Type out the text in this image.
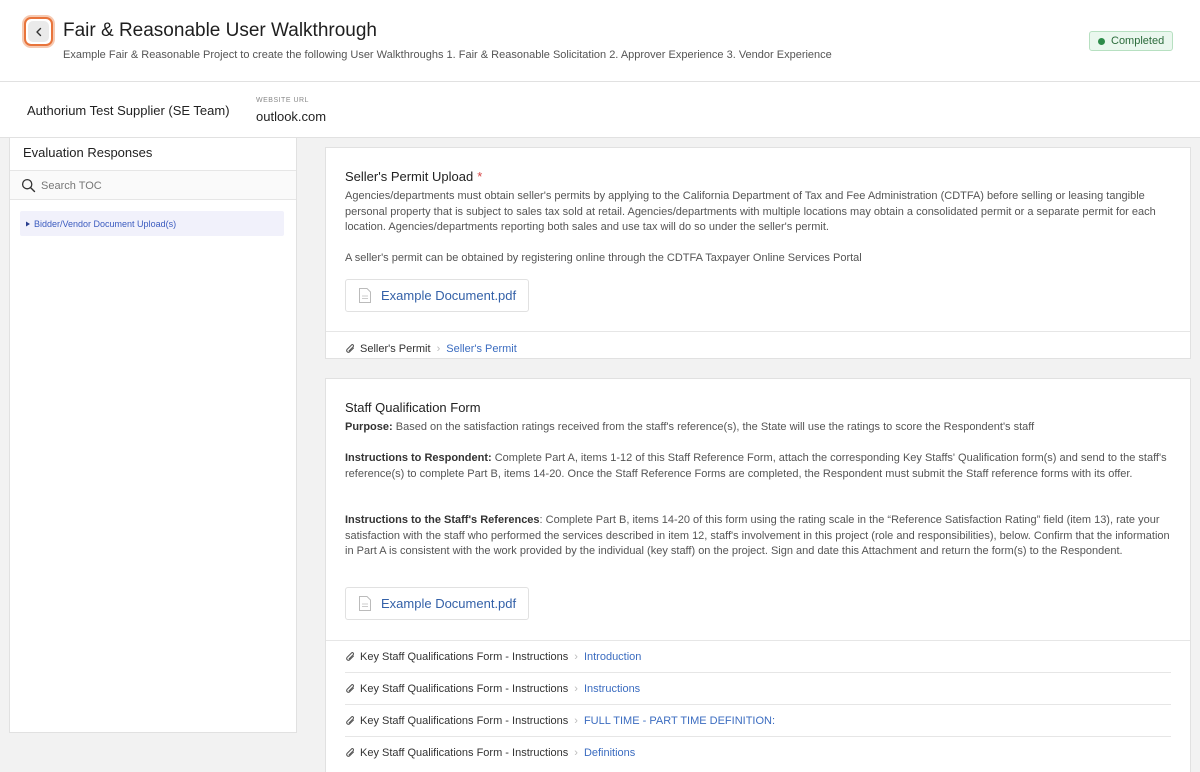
Fair & Reasonable User Walkthrough
Example Fair & Reasonable Project to create the following User Walkthroughs 1. Fair & Reasonable Solicitation 2. Approver Experience 3. Vendor Experience
Completed
Authorium Test Supplier (SE Team)
WEBSITE URL
outlook.com
Evaluation Responses
Search TOC
Bidder/Vendor Document Upload(s)
Seller's Permit Upload *
Agencies/departments must obtain seller's permits by applying to the California Department of Tax and Fee Administration (CDTFA) before selling or leasing tangible personal property that is subject to sales tax sold at retail. Agencies/departments with multiple locations may obtain a consolidated permit or a separate permit for each location. Agencies/departments reporting both sales and use tax will do so under the seller's permit.
A seller's permit can be obtained by registering online through the CDTFA Taxpayer Online Services Portal
Example Document.pdf
Seller's Permit › Seller's Permit
Staff Qualification Form
Purpose: Based on the satisfaction ratings received from the staff's reference(s), the State will use the ratings to score the Respondent's staff
Instructions to Respondent: Complete Part A, items 1-12 of this Staff Reference Form, attach the corresponding Key Staffs' Qualification form(s) and send to the staff's reference(s) to complete Part B, items 14-20. Once the Staff Reference Forms are completed, the Respondent must submit the Staff reference forms with its offer.
Instructions to the Staff's References: Complete Part B, items 14-20 of this form using the rating scale in the “Reference Satisfaction Rating” field (item 13), rate your satisfaction with the staff who performed the services described in item 12, staff's involvement in this project (role and responsibilities), below. Confirm that the information in Part A is consistent with the work provided by the individual (key staff) on the project. Sign and date this Attachment and return the form(s) to the Respondent.
Example Document.pdf
Key Staff Qualifications Form - Instructions › Introduction
Key Staff Qualifications Form - Instructions › Instructions
Key Staff Qualifications Form - Instructions › FULL TIME - PART TIME DEFINITION:
Key Staff Qualifications Form - Instructions › Definitions
